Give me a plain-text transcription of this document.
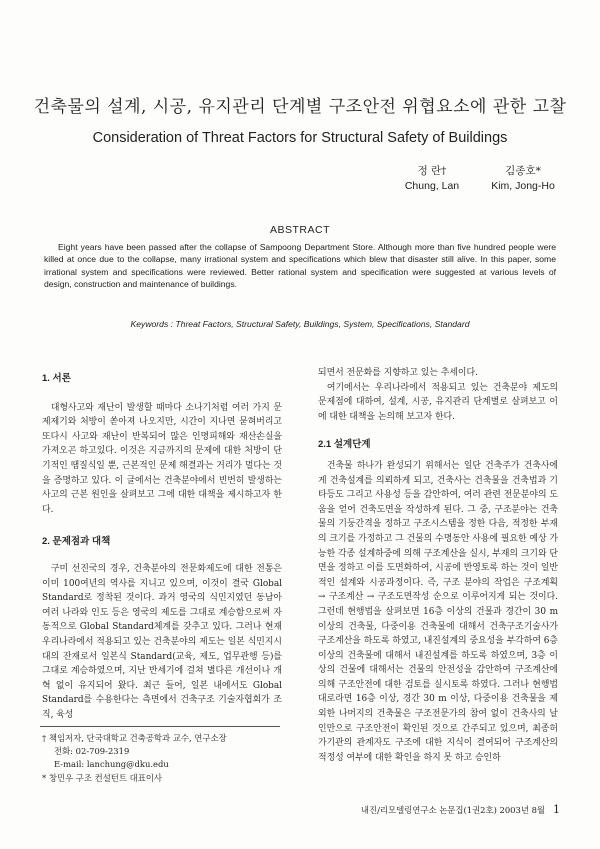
건축물의 설계, 시공, 유지관리 단계별 구조안전 위협요소에 관한 고찰
Consideration of Threat Factors for Structural Safety of Buildings
정 란†
Chung, Lan
김종호*
Kim, Jong-Ho
ABSTRACT
Eight years have been passed after the collapse of Sampoong Department Store. Although more than five hundred people were killed at once due to the collapse, many irrational system and specifications which blew that disaster still alive. In this paper, some irrational system and specifications were reviewed. Better rational system and specification were suggested at various levels of design, construction and maintenance of buildings.
Keywords : Threat Factors, Structural Safety, Buildings, System, Specifications, Standard
1. 서론

대형사고와 재난이 발생할 때마다 소나기처럼 여러 가지 문제제기와 처방이 쏟아져 나오지만, 시간이 지나면 묻혀버리고 또다시 사고와 재난이 반복되어 많은 인명피해와 재산손실을 가져오곤 하고있다. 이것은 지금까지의 문제에 대한 처방이 단기적인 땜질식일 뿐, 근본적인 문제 해결과는 거리가 멀다는 것을 증명하고 있다. 이 글에서는 건축분야에서 빈번히 발생하는 사고의 근본 원인을 살펴보고 그에 대한 대책을 제시하고자 한다.

2. 문제점과 대책

구미 선진국의 경우, 건축분야의 전문화제도에 대한 전통은 이미 100여년의 역사를 지니고 있으며, 이것이 결국 Global Standard로 정착된 것이다. 과거 영국의 식민지였던 동남아 여러 나라와 인도 등은 영국의 제도를 그대로 계승함으로써 자동적으로 Global Standard체계를 갖추고 있다. 그러나 현재 우리나라에서 적용되고 있는 건축분야의 제도는 일본 식민지시대의 잔재로서 일본식 Standard(교육, 제도, 업무관행 등)를 그대로 계승하였으며, 지난 반세기에 걸쳐 별다른 개선이나 개혁 없이 유지되어 왔다. 최근 들어, 일본 내에서도 Global Standard를 수용한다는 측면에서 건축구조 기술자협회가 조직, 육성

되면서 전문화를 지향하고 있는 추세이다.

여기에서는 우리나라에서 적용되고 있는 건축분야 제도의 문제점에 대하여, 설계, 시공, 유지관리 단계별로 살펴보고 이에 대한 대책을 논의해 보고자 한다.

2.1 설계단계

건축물 하나가 완성되기 위해서는 일단 건축주가 건축사에게 건축설계를 의뢰하게 되고, 건축사는 건축물을 건축법과 기타등도 그리고 사용성 등을 감안하여, 여러 관련 전문분야의 도움을 얻어 건축도면을 작성하게 된다. 그 중, 구조분야는 건축물의 기둥간격을 정하고 구조시스템을 정한 다음, 적정한 부재의 크기를 가정하고 그 건물의 수명동안 사용에 필요한 예상 가능한 각종 설계하중에 의해 구조계산을 실시, 부재의 크기와 단면을 정하고 이를 도면화하여, 시공에 반영토록 하는 것이 일반적인 설계와 시공과정이다. 즉, 구조 분야의 작업은 구조계획 → 구조계산 → 구조도면작성 순으로 이루어지게 되는 것이다. 그런데 현행법을 살펴보면 16층 이상의 건물과 경간이 30 m 이상의 건축물, 다중이용 건축물에 대해서 건축구조기술사가 구조계산을 하도록 하였고, 내진설계의 중요성을 부각하여 6층 이상의 건축물에 대해서 내진설계를 하도록 하였으며, 3층 이상의 건물에 대해서는 건물의 안전성을 감안하여 구조계산에 의해 구조안전에 대한 검토를 실시토록 하였다. 그러나 현행법대로라면 16층 이상, 경간 30 m 이상, 다중이용 건축물을 제외한 나머지의 건축물은 구조전문가의 참여 없이 건축사의 날인만으로 구조안전이 확인된 것으로 간주되고 있으며, 최종허가기관의 관계자도 구조에 대한 지식이 결여되어 구조계산의 적정성 여부에 대한 확인을 하지 못 하고 승인하

† 책임저자, 단국대학교 건축공학과 교수, 연구소장
전화: 02-709-2319
E-mail: lanchung@dku.edu
* 창민우 구조 컨설턴트 대표이사
내진/리모델링연구소 논문집(1권2호) 2003년 8월 1
